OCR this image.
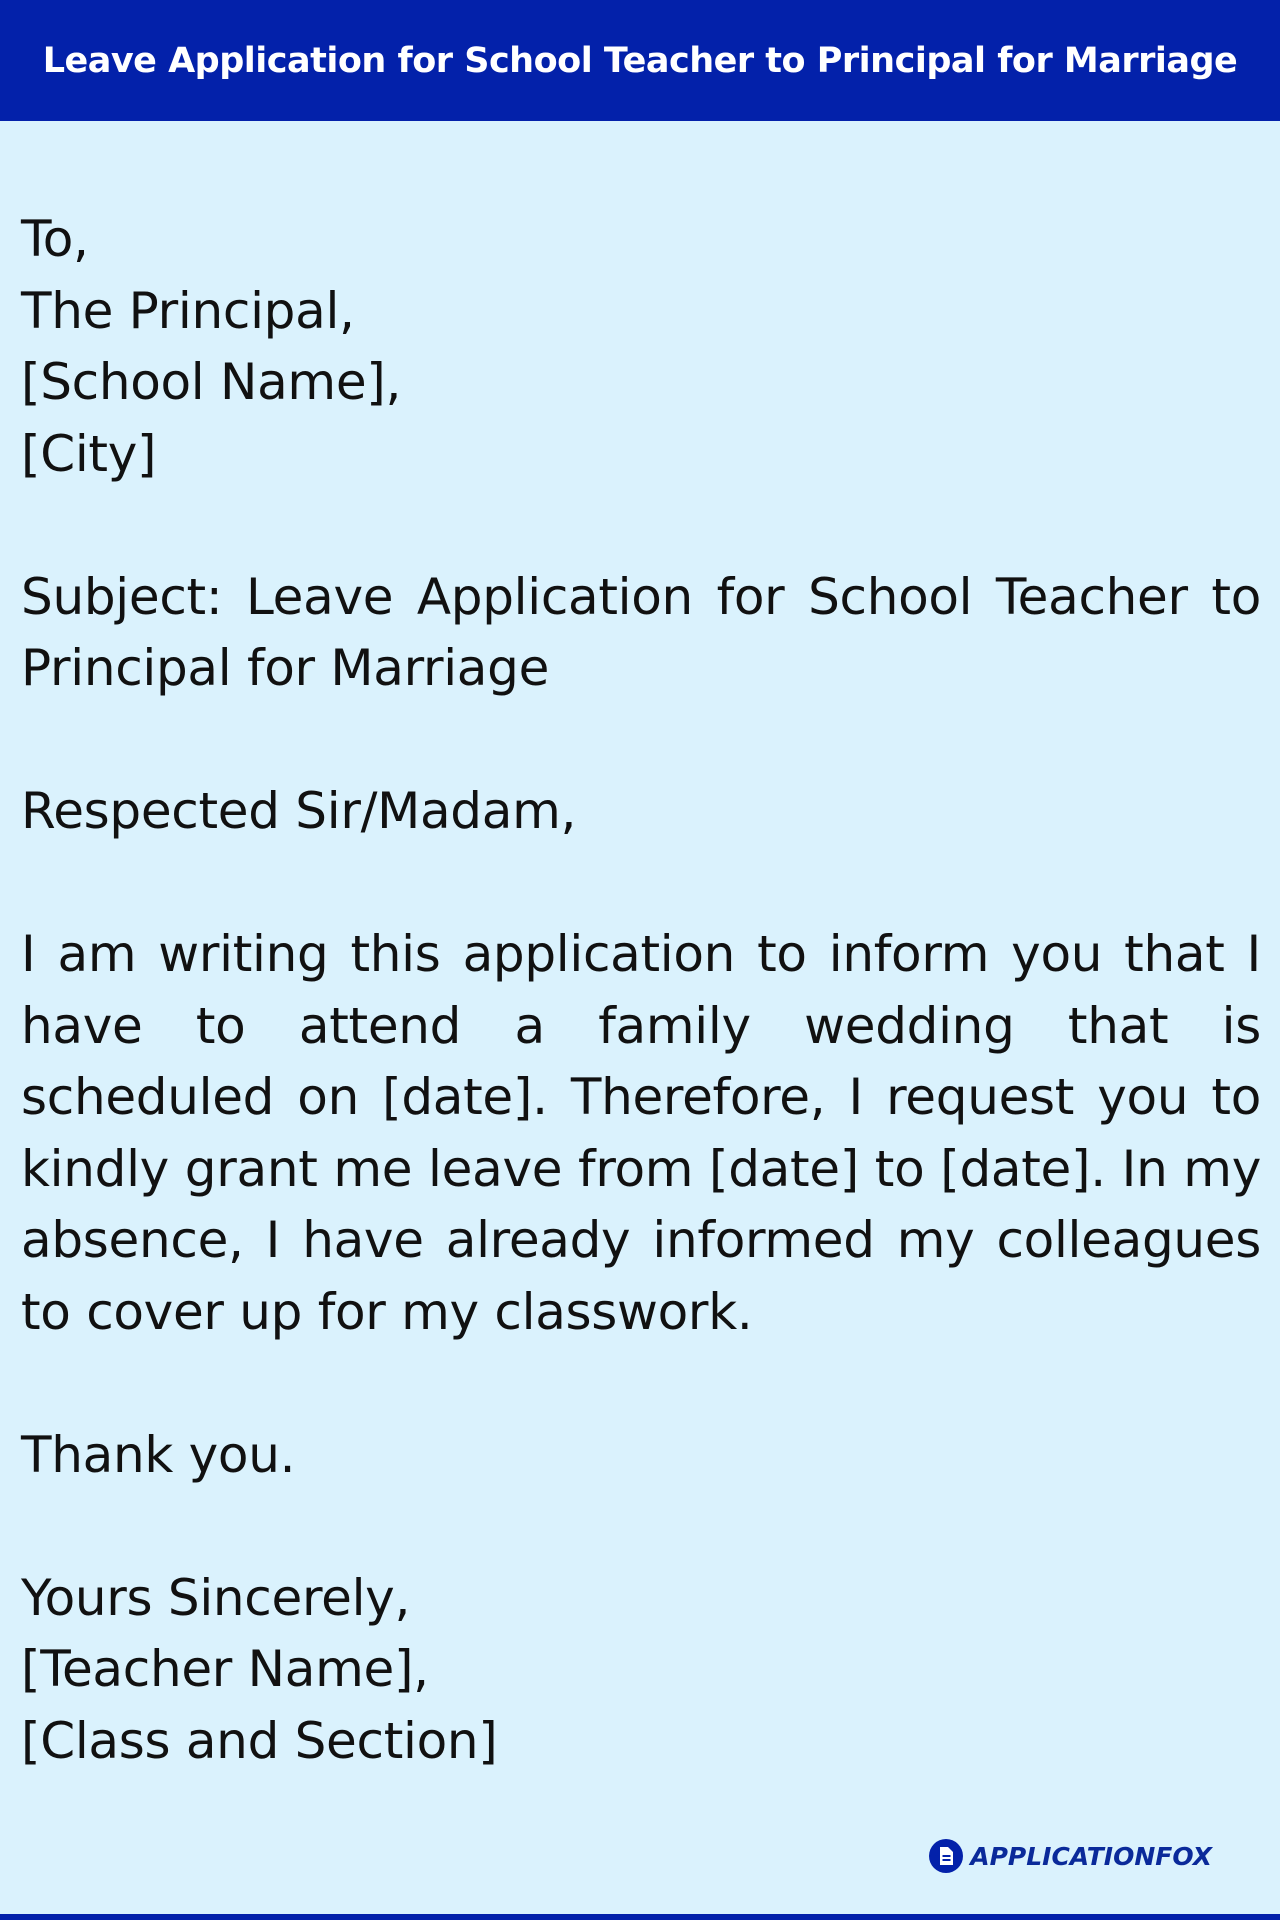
Leave Application for School Teacher to Principal for Marriage
To,
The Principal,
[School Name],
[City]
Subject: Leave Application for School Teacher to Principal for Marriage
Respected Sir/Madam,
I am writing this application to inform you that I have to attend a family wedding that is scheduled on [date]. Therefore, I request you to kindly grant me leave from [date] to [date]. In my absence, I have already informed my colleagues to cover up for my classwork.
Thank you.
Yours Sincerely,
[Teacher Name],
[Class and Section]
APPLICATIONFOX
